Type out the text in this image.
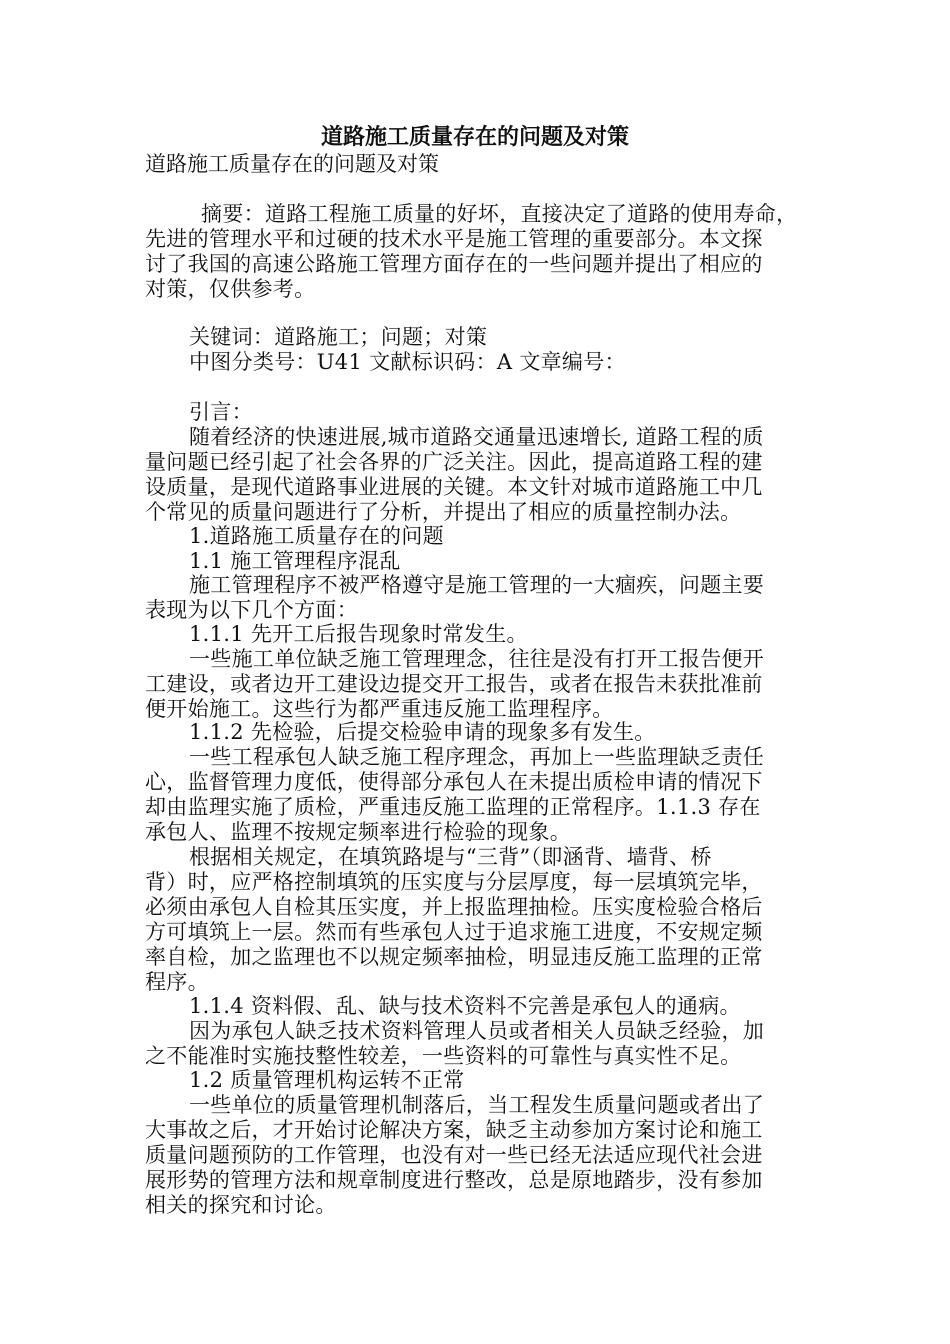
道路施工质量存在的问题及对策
道路施工质量存在的问题及对策
摘要：道路工程施工质量的好坏，直接决定了道路的使用寿命，
先进的管理水平和过硬的技术水平是施工管理的重要部分。本文探
讨了我国的高速公路施工管理方面存在的一些问题并提出了相应的
对策，仅供参考。
关键词：道路施工；问题；对策
中图分类号：U41 文献标识码：A 文章编号：
引言：
随着经济的快速进展,城市道路交通量迅速增长, 道路工程的质
量问题已经引起了社会各界的广泛关注。因此，提高道路工程的建
设质量，是现代道路事业进展的关键。本文针对城市道路施工中几
个常见的质量问题进行了分析，并提出了相应的质量控制办法。
1.道路施工质量存在的问题
1.1 施工管理程序混乱
施工管理程序不被严格遵守是施工管理的一大痼疾，问题主要
表现为以下几个方面：
1.1.1 先开工后报告现象时常发生。
一些施工单位缺乏施工管理理念，往往是没有打开工报告便开
工建设，或者边开工建设边提交开工报告，或者在报告未获批准前
便开始施工。这些行为都严重违反施工监理程序。
1.1.2 先检验，后提交检验申请的现象多有发生。
一些工程承包人缺乏施工程序理念，再加上一些监理缺乏责任
心，监督管理力度低，使得部分承包人在未提出质检申请的情况下
却由监理实施了质检，严重违反施工监理的正常程序。1.1.3 存在
承包人、监理不按规定频率进行检验的现象。
根据相关规定，在填筑路堤与“三背”（即涵背、墙背、桥
背）时，应严格控制填筑的压实度与分层厚度，每一层填筑完毕，
必须由承包人自检其压实度，并上报监理抽检。压实度检验合格后
方可填筑上一层。然而有些承包人过于追求施工进度，不安规定频
率自检，加之监理也不以规定频率抽检，明显违反施工监理的正常
程序。
1.1.4 资料假、乱、缺与技术资料不完善是承包人的通病。
因为承包人缺乏技术资料管理人员或者相关人员缺乏经验，加
之不能准时实施技整性较差，一些资料的可靠性与真实性不足。
1.2 质量管理机构运转不正常
一些单位的质量管理机制落后，当工程发生质量问题或者出了
大事故之后，才开始讨论解决方案，缺乏主动参加方案讨论和施工
质量问题预防的工作管理，也没有对一些已经无法适应现代社会进
展形势的管理方法和规章制度进行整改，总是原地踏步，没有参加
相关的探究和讨论。
